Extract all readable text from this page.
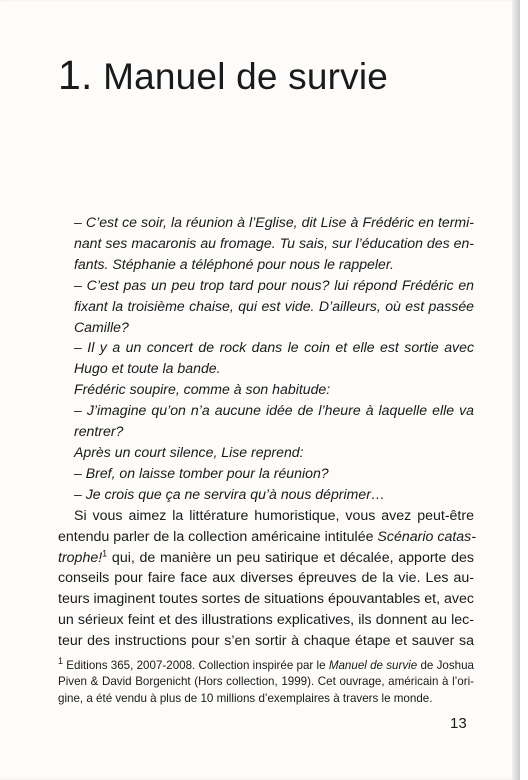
1. Manuel de survie
– C’est ce soir, la réunion à l’Eglise, dit Lise à Frédéric en termi-
nant ses macaronis au fromage. Tu sais, sur l’éducation des en-
fants. Stéphanie a téléphoné pour nous le rappeler.
– C’est pas un peu trop tard pour nous? lui répond Frédéric en
fixant la troisième chaise, qui est vide. D’ailleurs, où est passée
Camille?
– Il y a un concert de rock dans le coin et elle est sortie avec
Hugo et toute la bande.
Frédéric soupire, comme à son habitude:
– J’imagine qu’on n’a aucune idée de l’heure à laquelle elle va
rentrer?
Après un court silence, Lise reprend:
– Bref, on laisse tomber pour la réunion?
– Je crois que ça ne servira qu’à nous déprimer…
Si vous aimez la littérature humoristique, vous avez peut-être
entendu parler de la collection américaine intitulée Scénario catas-
trophe!$^1$ qui, de manière un peu satirique et décalée, apporte des
conseils pour faire face aux diverses épreuves de la vie. Les au-
teurs imaginent toutes sortes de situations épouvantables et, avec
un sérieux feint et des illustrations explicatives, ils donnent au lec-
teur des instructions pour s’en sortir à chaque étape et sauver sa
$^1$ Editions 365, 2007-2008. Collection inspirée par le Manuel de survie de Joshua
Piven & David Borgenicht (Hors collection, 1999). Cet ouvrage, américain à l’ori-
gine, a été vendu à plus de 10 millions d’exemplaires à travers le monde.
13
